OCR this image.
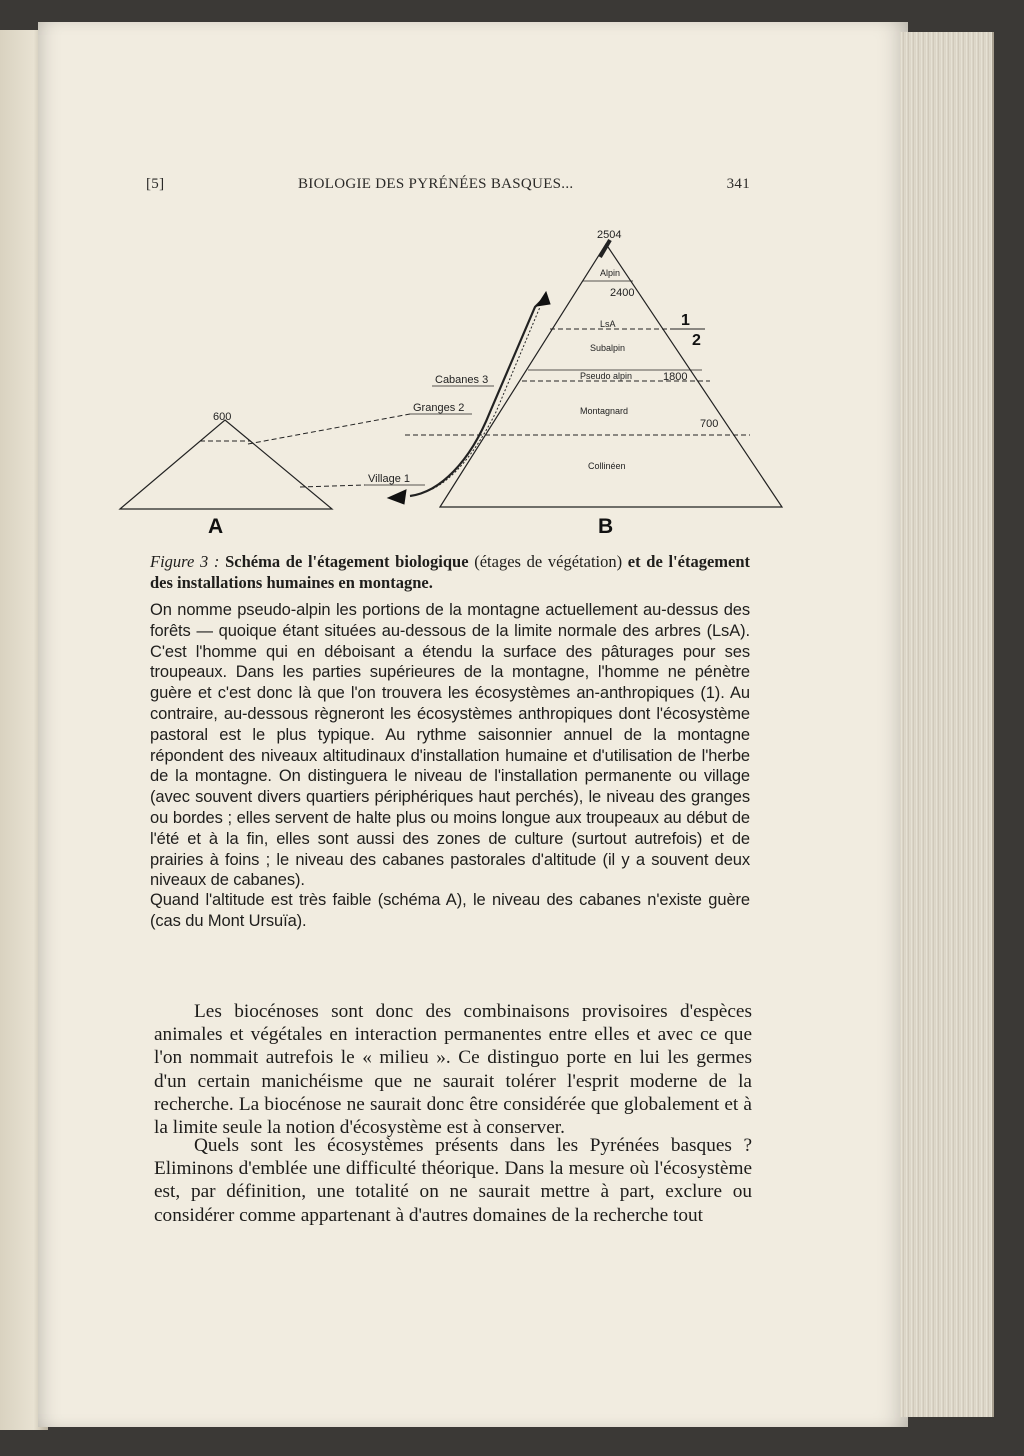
[5]	BIOLOGIE DES PYRÉNÉES BASQUES...	341
600
A
2504
Alpin
2400
LsA	1
2
Subalpin
Pseudo alpin	1800
Montagnard
700
Collinéen
B
Cabanes 3
Granges 2
Village 1
Figure 3 : Schéma de l'étagement biologique (étages de végétation) et de l'étagement des installations humaines en montagne.
On nomme pseudo-alpin les portions de la montagne actuellement au-dessus des forêts — quoique étant situées au-dessous de la limite normale des arbres (LsA). C'est l'homme qui en déboisant a étendu la surface des pâturages pour ses troupeaux. Dans les parties supérieures de la montagne, l'homme ne pénètre guère et c'est donc là que l'on trouvera les écosystèmes an-anthropiques (1). Au contraire, au-dessous règneront les écosystèmes anthropiques dont l'écosystème pastoral est le plus typique. Au rythme saisonnier annuel de la montagne répondent des niveaux altitudinaux d'installation humaine et d'utilisation de l'herbe de la montagne. On distinguera le niveau de l'installation permanente ou village (avec souvent divers quartiers périphériques haut perchés), le niveau des granges ou bordes ; elles servent de halte plus ou moins longue aux troupeaux au début de l'été et à la fin, elles sont aussi des zones de culture (surtout autrefois) et de prairies à foins ; le niveau des cabanes pastorales d'altitude (il y a souvent deux niveaux de cabanes).
Quand l'altitude est très faible (schéma A), le niveau des cabanes n'existe guère (cas du Mont Ursuïa).
Les biocénoses sont donc des combinaisons provisoires d'espèces animales et végétales en interaction permanentes entre elles et avec ce que l'on nommait autrefois le « milieu ». Ce distinguo porte en lui les germes d'un certain manichéisme que ne saurait tolérer l'esprit moderne de la recherche. La biocénose ne saurait donc être considérée que globalement et à la limite seule la notion d'écosystème est à conserver.
Quels sont les écosystèmes présents dans les Pyrénées basques ? Eliminons d'emblée une difficulté théorique. Dans la mesure où l'écosystème est, par définition, une totalité on ne saurait mettre à part, exclure ou considérer comme appartenant à d'autres domaines de la recherche tout
